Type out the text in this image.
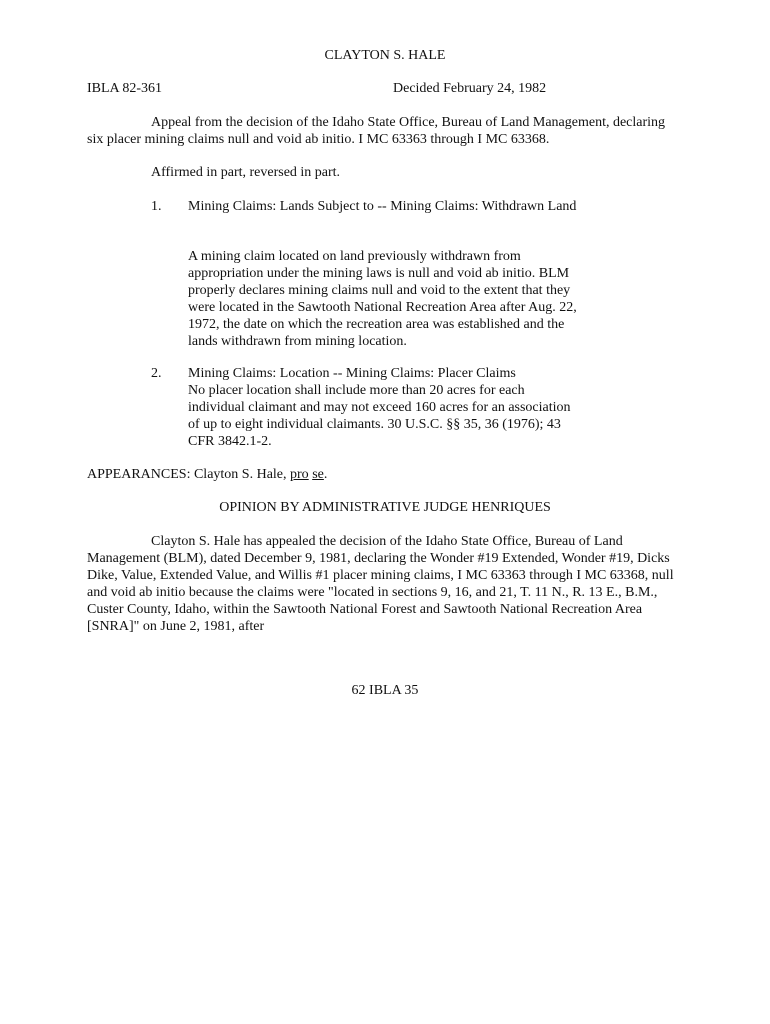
CLAYTON S. HALE
IBLA 82-361	Decided February 24, 1982
Appeal from the decision of the Idaho State Office, Bureau of Land Management, declaring
six placer mining claims null and void ab initio. I MC 63363 through I MC 63368.
Affirmed in part, reversed in part.
1. Mining Claims: Lands Subject to -- Mining Claims: Withdrawn Land
A mining claim located on land previously withdrawn from
appropriation under the mining laws is null and void ab initio. BLM
properly declares mining claims null and void to the extent that they
were located in the Sawtooth National Recreation Area after Aug. 22,
1972, the date on which the recreation area was established and the
lands withdrawn from mining location.
2. Mining Claims: Location -- Mining Claims: Placer Claims
No placer location shall include more than 20 acres for each
individual claimant and may not exceed 160 acres for an association
of up to eight individual claimants. 30 U.S.C. §§ 35, 36 (1976); 43
CFR 3842.1-2.
APPEARANCES: Clayton S. Hale, pro se.
OPINION BY ADMINISTRATIVE JUDGE HENRIQUES
Clayton S. Hale has appealed the decision of the Idaho State Office, Bureau of Land
Management (BLM), dated December 9, 1981, declaring the Wonder #19 Extended, Wonder #19, Dicks
Dike, Value, Extended Value, and Willis #1 placer mining claims, I MC 63363 through I MC 63368, null
and void ab initio because the claims were "located in sections 9, 16, and 21, T. 11 N., R. 13 E., B.M.,
Custer County, Idaho, within the Sawtooth National Forest and Sawtooth National Recreation Area
[SNRA]" on June 2, 1981, after
62 IBLA 35
